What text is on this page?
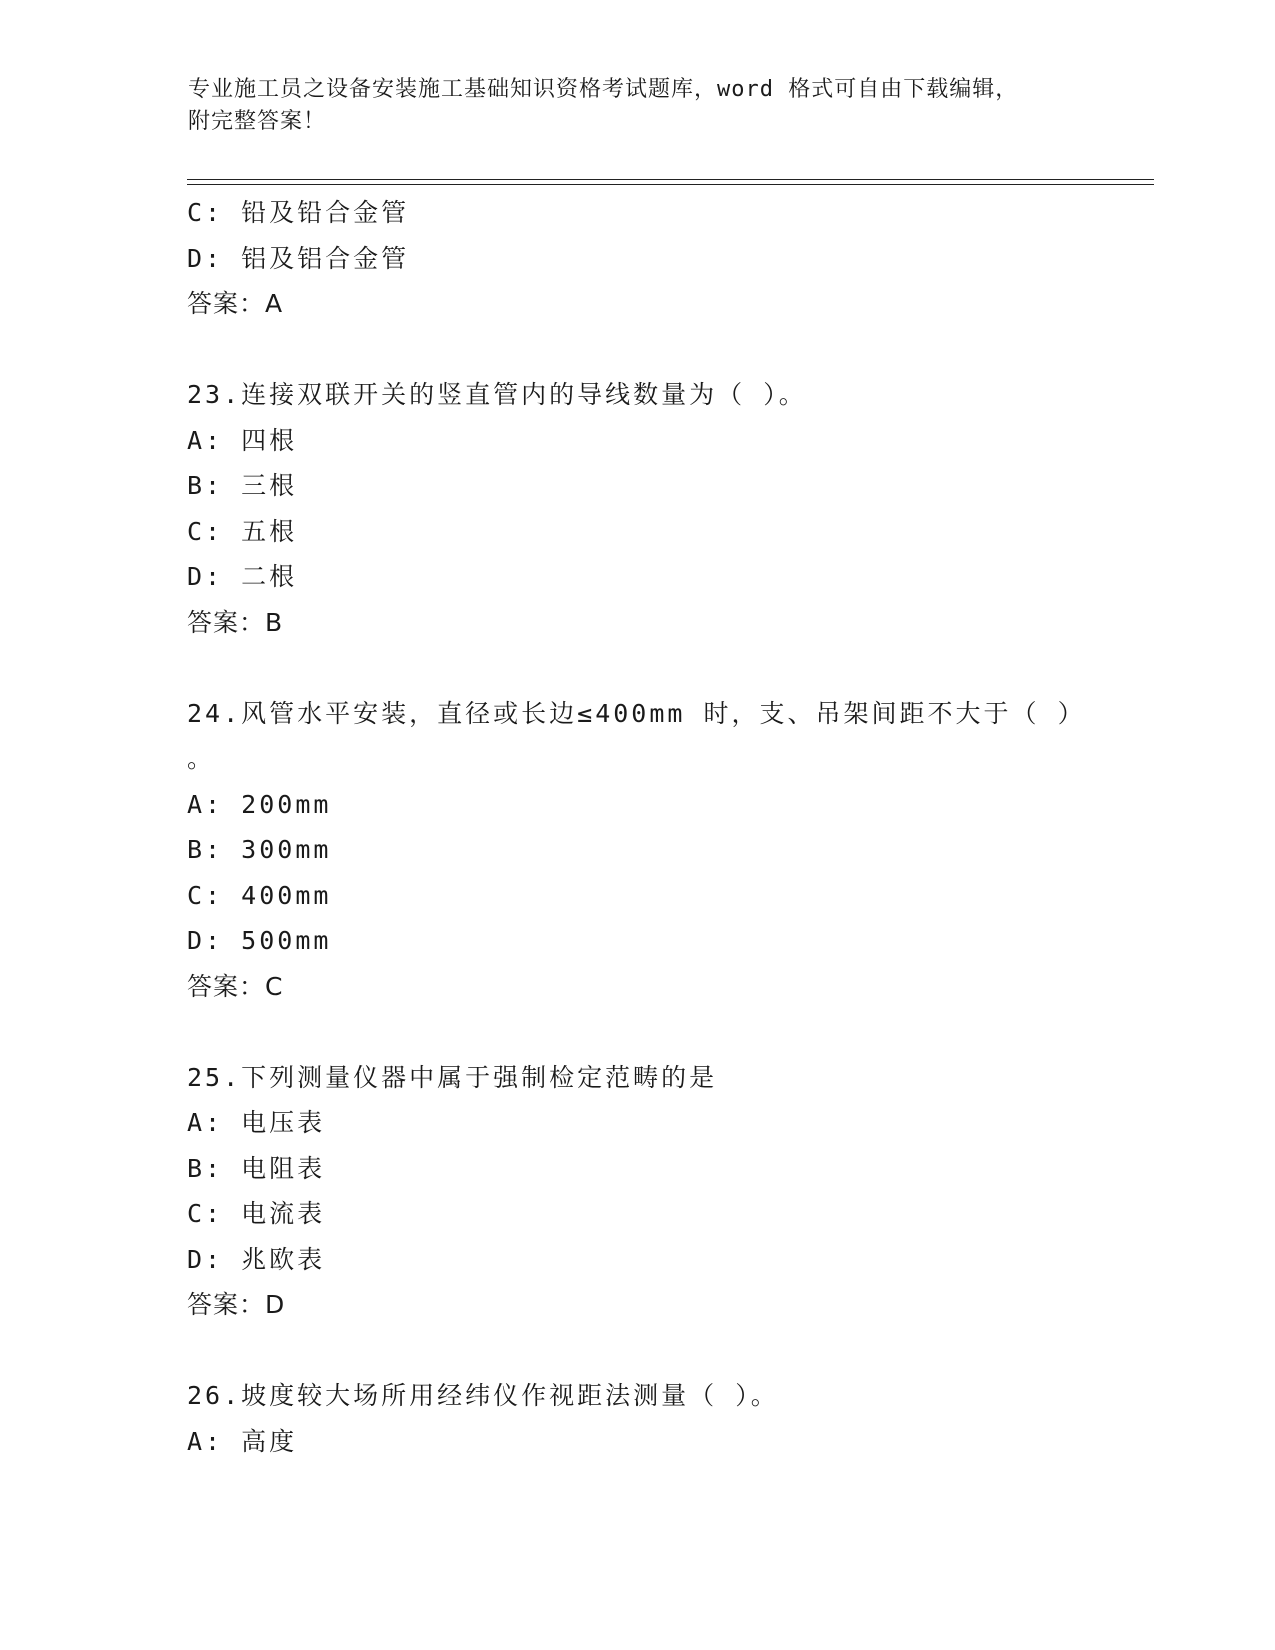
专业施工员之设备安装施工基础知识资格考试题库，word 格式可自由下载编辑，
附完整答案！
C: 铅及铅合金管
D: 铝及铝合金管
答案：A
23.连接双联开关的竖直管内的导线数量为（ ）。
A: 四根
B: 三根
C: 五根
D: 二根
答案：B
24.风管水平安装，直径或长边≤400mm 时，支、吊架间距不大于（ ）
。
A: 200mm
B: 300mm
C: 400mm
D: 500mm
答案：C
25.下列测量仪器中属于强制检定范畴的是
A: 电压表
B: 电阻表
C: 电流表
D: 兆欧表
答案：D
26.坡度较大场所用经纬仪作视距法测量（ ）。
A: 高度
